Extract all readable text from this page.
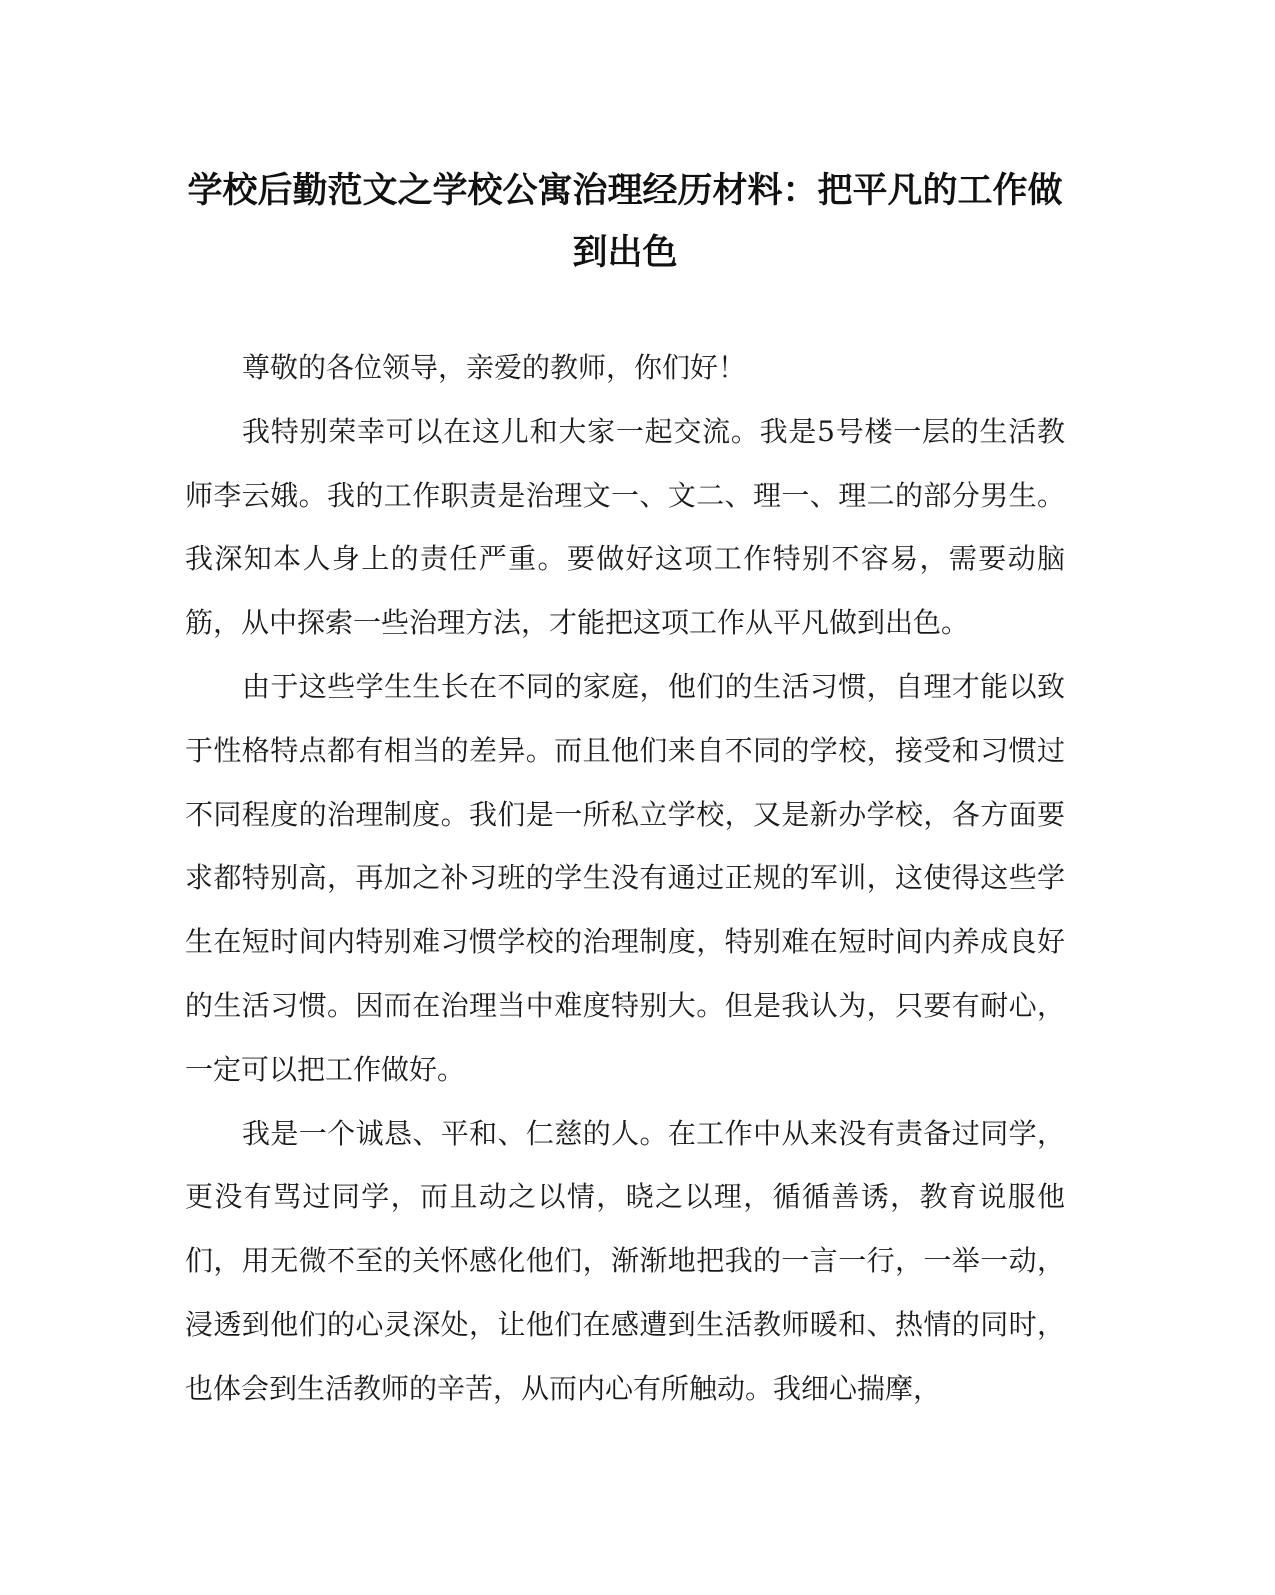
学校后勤范文之学校公寓治理经历材料：把平凡的工作做到出色

尊敬的各位领导，亲爱的教师，你们好！

我特别荣幸可以在这儿和大家一起交流。我是5号楼一层的生活教师李云娥。我的工作职责是治理文一、文二、理一、理二的部分男生。我深知本人身上的责任严重。要做好这项工作特别不容易，需要动脑筋，从中探索一些治理方法，才能把这项工作从平凡做到出色。

由于这些学生生长在不同的家庭，他们的生活习惯，自理才能以致于性格特点都有相当的差异。而且他们来自不同的学校，接受和习惯过不同程度的治理制度。我们是一所私立学校，又是新办学校，各方面要求都特别高，再加之补习班的学生没有通过正规的军训，这使得这些学生在短时间内特别难习惯学校的治理制度，特别难在短时间内养成良好的生活习惯。因而在治理当中难度特别大。但是我认为，只要有耐心，一定可以把工作做好。

我是一个诚恳、平和、仁慈的人。在工作中从来没有责备过同学，更没有骂过同学，而且动之以情，晓之以理，循循善诱，教育说服他们，用无微不至的关怀感化他们，渐渐地把我的一言一行，一举一动，浸透到他们的心灵深处，让他们在感遭到生活教师暖和、热情的同时，也体会到生活教师的辛苦，从而内心有所触动。我细心揣摩，
